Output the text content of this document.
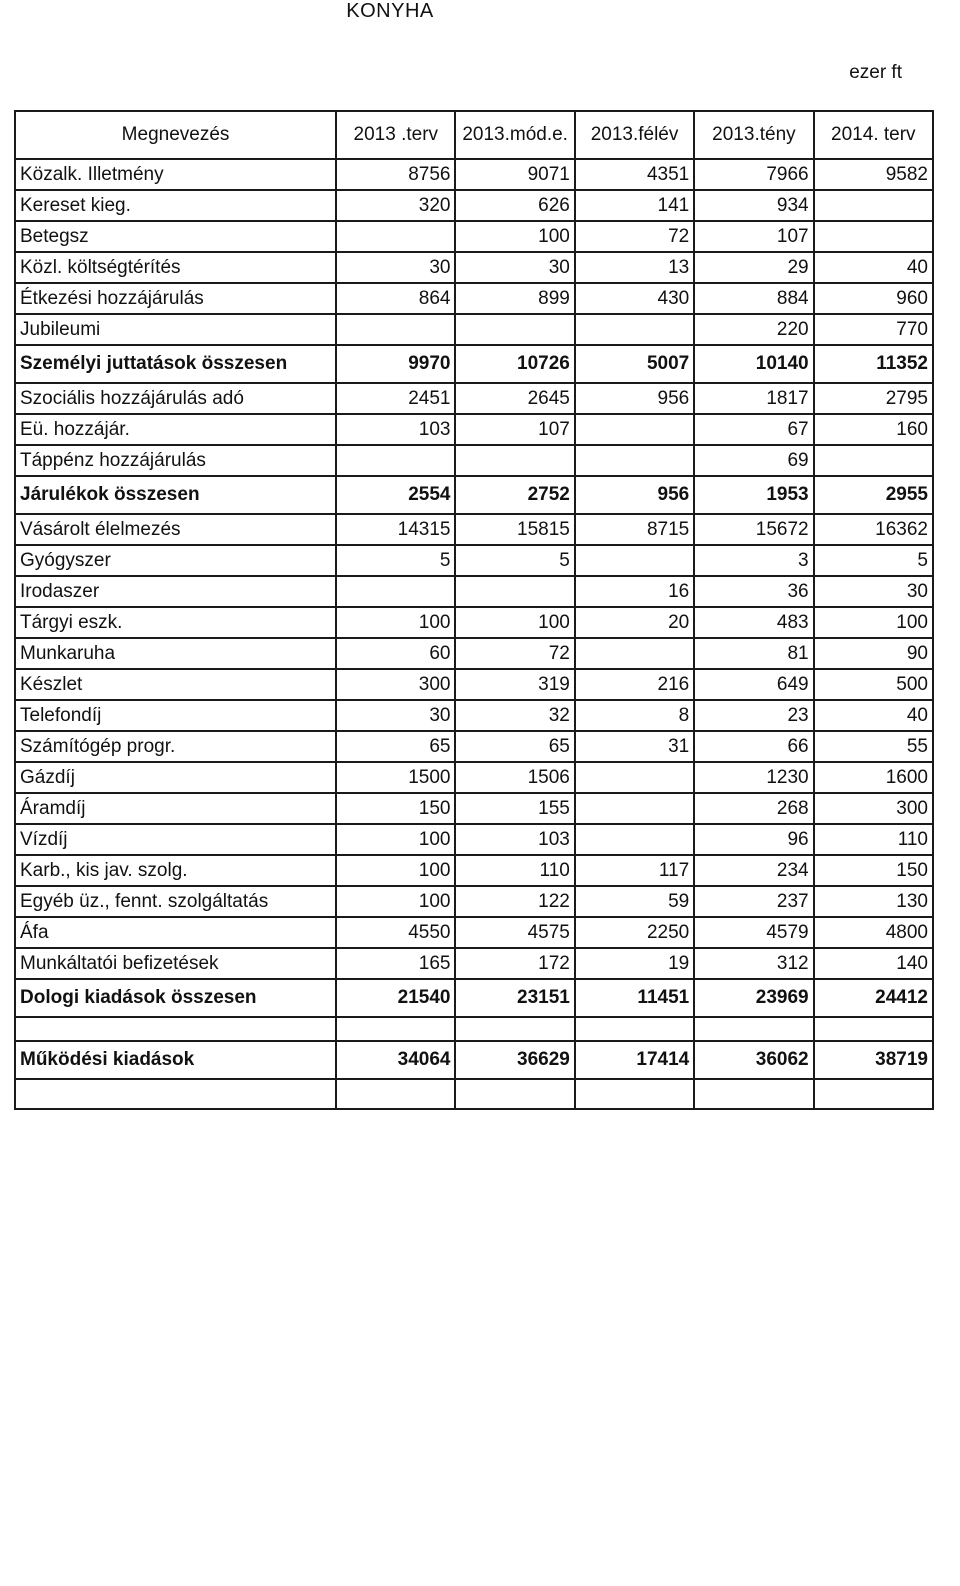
KONYHA
ezer ft
Megnevezés	2013 .terv	2013.mód.e.	2013.félév	2013.tény	2014. terv
Közalk. Illetmény	8756	9071	4351	7966	9582
Kereset kieg.	320	626	141	934	
Betegsz		100	72	107	
Közl. költségtérítés	30	30	13	29	40
Étkezési hozzájárulás	864	899	430	884	960
Jubileumi				220	770
Személyi juttatások összesen	9970	10726	5007	10140	11352
Szociális hozzájárulás adó	2451	2645	956	1817	2795
Eü. hozzájár.	103	107		67	160
Táppénz hozzájárulás				69	
Járulékok összesen	2554	2752	956	1953	2955
Vásárolt élelmezés	14315	15815	8715	15672	16362
Gyógyszer	5	5		3	5
Irodaszer			16	36	30
Tárgyi eszk.	100	100	20	483	100
Munkaruha	60	72		81	90
Készlet	300	319	216	649	500
Telefondíj	30	32	8	23	40
Számítógép progr.	65	65	31	66	55
Gázdíj	1500	1506		1230	1600
Áramdíj	150	155		268	300
Vízdíj	100	103		96	110
Karb., kis jav. szolg.	100	110	117	234	150
Egyéb üz., fennt. szolgáltatás	100	122	59	237	130
Áfa	4550	4575	2250	4579	4800
Munkáltatói befizetések	165	172	19	312	140
Dologi kiadások összesen	21540	23151	11451	23969	24412

Működési kiadások	34064	36629	17414	36062	38719
